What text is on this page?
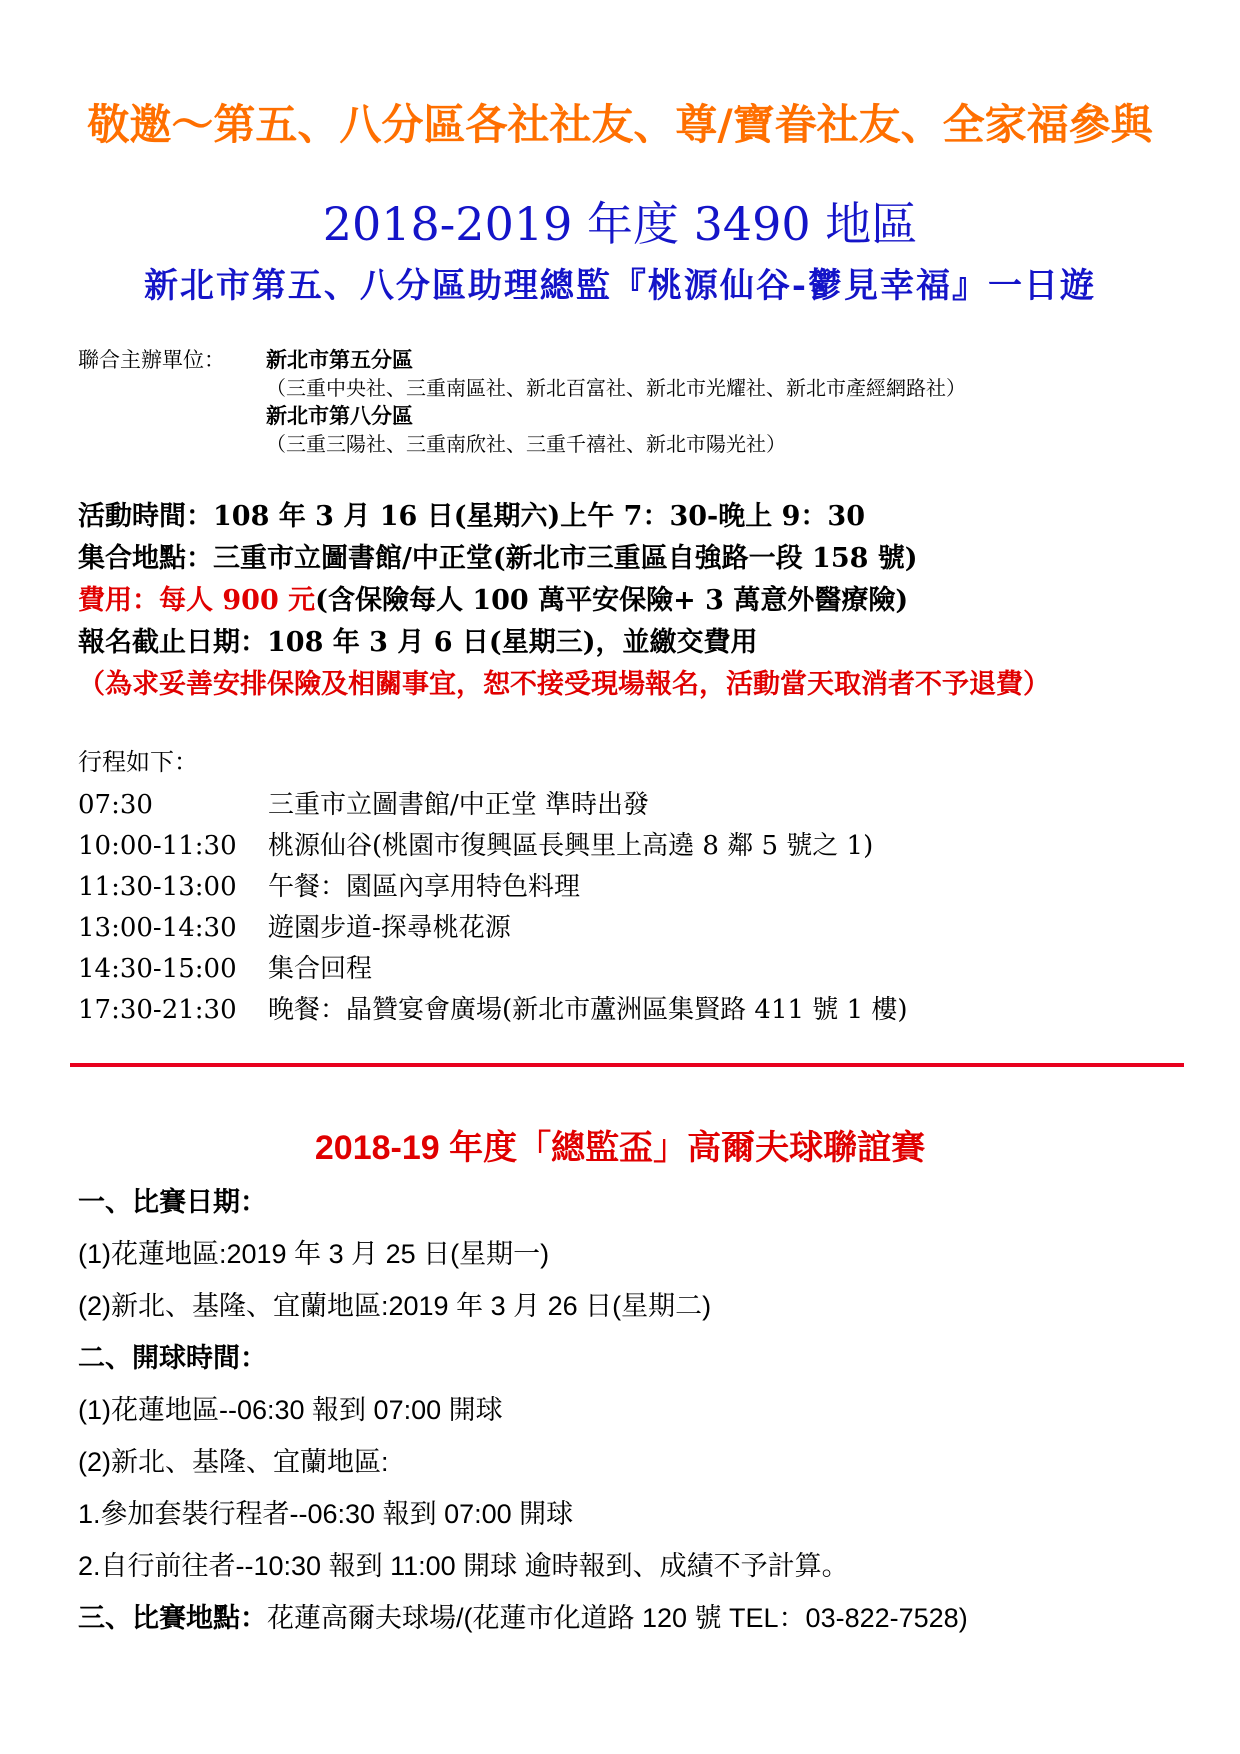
敬邀～第五、八分區各社社友、尊/寶眷社友、全家福參與
2018-2019 年度 3490 地區
新北市第五、八分區助理總監『桃源仙谷-鬱見幸福』一日遊
聯合主辦單位： 新北市第五分區
（三重中央社、三重南區社、新北百富社、新北市光耀社、新北市產經網路社）
新北市第八分區
（三重三陽社、三重南欣社、三重千禧社、新北市陽光社）
活動時間：108 年 3 月 16 日(星期六)上午 7：30-晚上 9：30
集合地點：三重市立圖書館/中正堂(新北市三重區自強路一段 158 號)
費用：每人 900 元(含保險每人 100 萬平安保險+ 3 萬意外醫療險)
報名截止日期：108 年 3 月 6 日(星期三)，並繳交費用
（為求妥善安排保險及相關事宜，恕不接受現場報名，活動當天取消者不予退費）
行程如下：
07:30	三重市立圖書館/中正堂 準時出發
10:00-11:30 桃源仙谷(桃園市復興區長興里上高遶 8 鄰 5 號之 1)
11:30-13:00 午餐：園區內享用特色料理
13:00-14:30 遊園步道-探尋桃花源
14:30-15:00 集合回程
17:30-21:30 晚餐：晶贊宴會廣場(新北市蘆洲區集賢路 411 號 1 樓)
2018-19 年度「總監盃」高爾夫球聯誼賽
一、比賽日期：
(1)花蓮地區:2019 年 3 月 25 日(星期一)
(2)新北、基隆、宜蘭地區:2019 年 3 月 26 日(星期二)
二、開球時間：
(1)花蓮地區--06:30 報到 07:00 開球
(2)新北、基隆、宜蘭地區:
1.參加套裝行程者--06:30 報到 07:00 開球
2.自行前往者--10:30 報到 11:00 開球 逾時報到、成績不予計算。
三、比賽地點：花蓮高爾夫球場/(花蓮市化道路 120 號 TEL：03-822-7528)
